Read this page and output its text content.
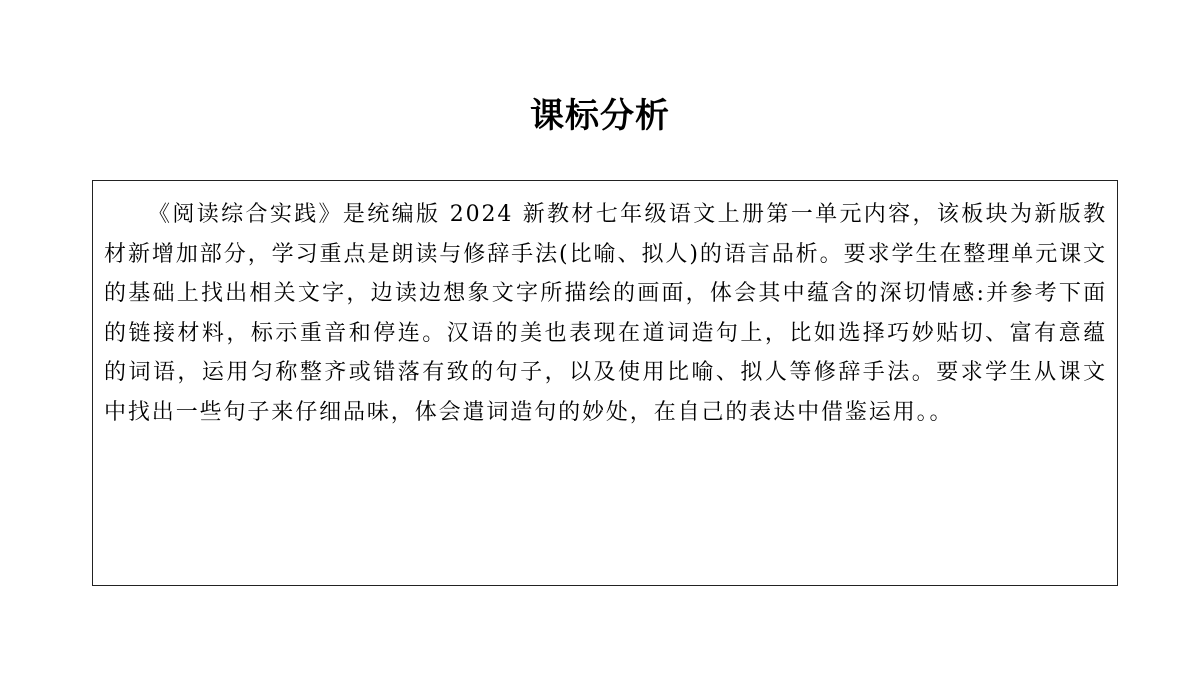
课标分析

《阅读综合实践》是统编版 2024 新教材七年级语文上册第一单元内容，该板块为新版教材新增加部分，学习重点是朗读与修辞手法(比喻、拟人)的语言品析。要求学生在整理单元课文的基础上找出相关文字，边读边想象文字所描绘的画面，体会其中蕴含的深切情感:并参考下面的链接材料，标示重音和停连。汉语的美也表现在道词造句上，比如选择巧妙贴切、富有意蕴的词语，运用匀称整齐或错落有致的句子，以及使用比喻、拟人等修辞手法。要求学生从课文中找出一些句子来仔细品味，体会遣词造句的妙处，在自己的表达中借鉴运用。。
